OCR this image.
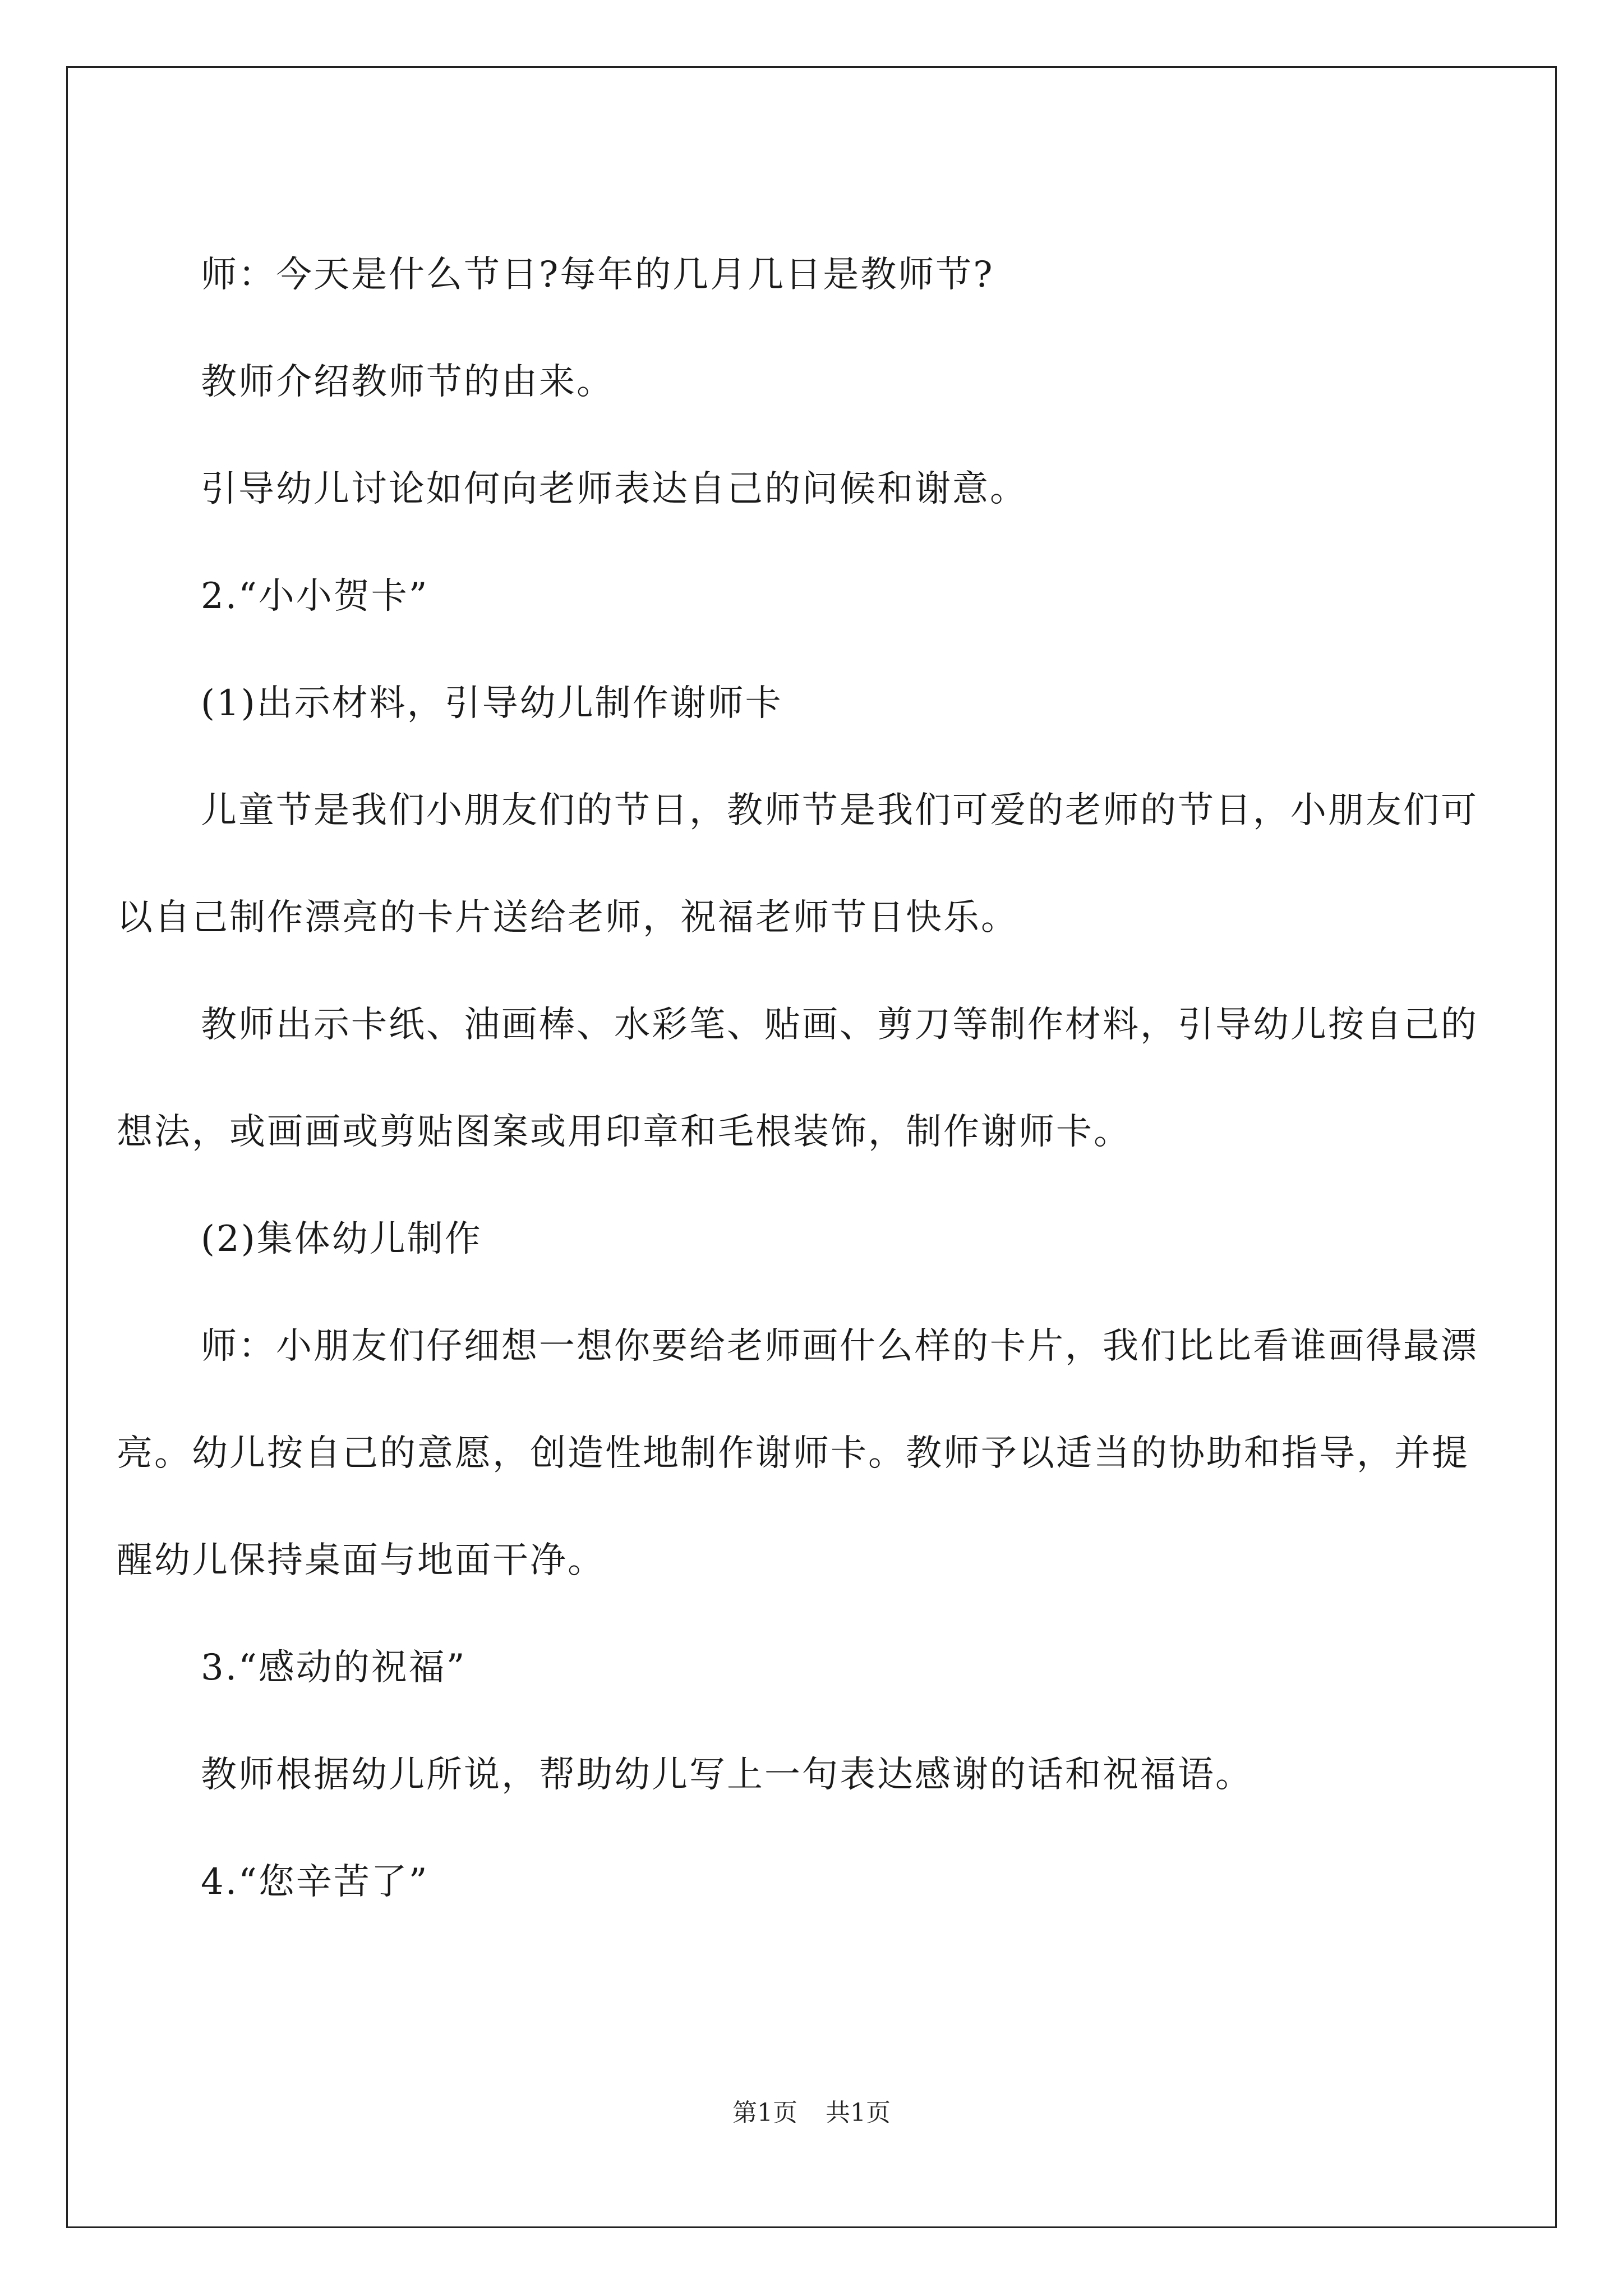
师：今天是什么节日?每年的几月几日是教师节?

教师介绍教师节的由来。

引导幼儿讨论如何向老师表达自己的问候和谢意。

2.“小小贺卡”

(1)出示材料，引导幼儿制作谢师卡

儿童节是我们小朋友们的节日，教师节是我们可爱的老师的节日，小朋友们可以自己制作漂亮的卡片送给老师，祝福老师节日快乐。

教师出示卡纸、油画棒、水彩笔、贴画、剪刀等制作材料，引导幼儿按自己的想法，或画画或剪贴图案或用印章和毛根装饰，制作谢师卡。

(2)集体幼儿制作

师：小朋友们仔细想一想你要给老师画什么样的卡片，我们比比看谁画得最漂亮。幼儿按自己的意愿，创造性地制作谢师卡。教师予以适当的协助和指导，并提醒幼儿保持桌面与地面干净。

3.“感动的祝福”

教师根据幼儿所说，帮助幼儿写上一句表达感谢的话和祝福语。

4.“您辛苦了”

第1页 共1页
